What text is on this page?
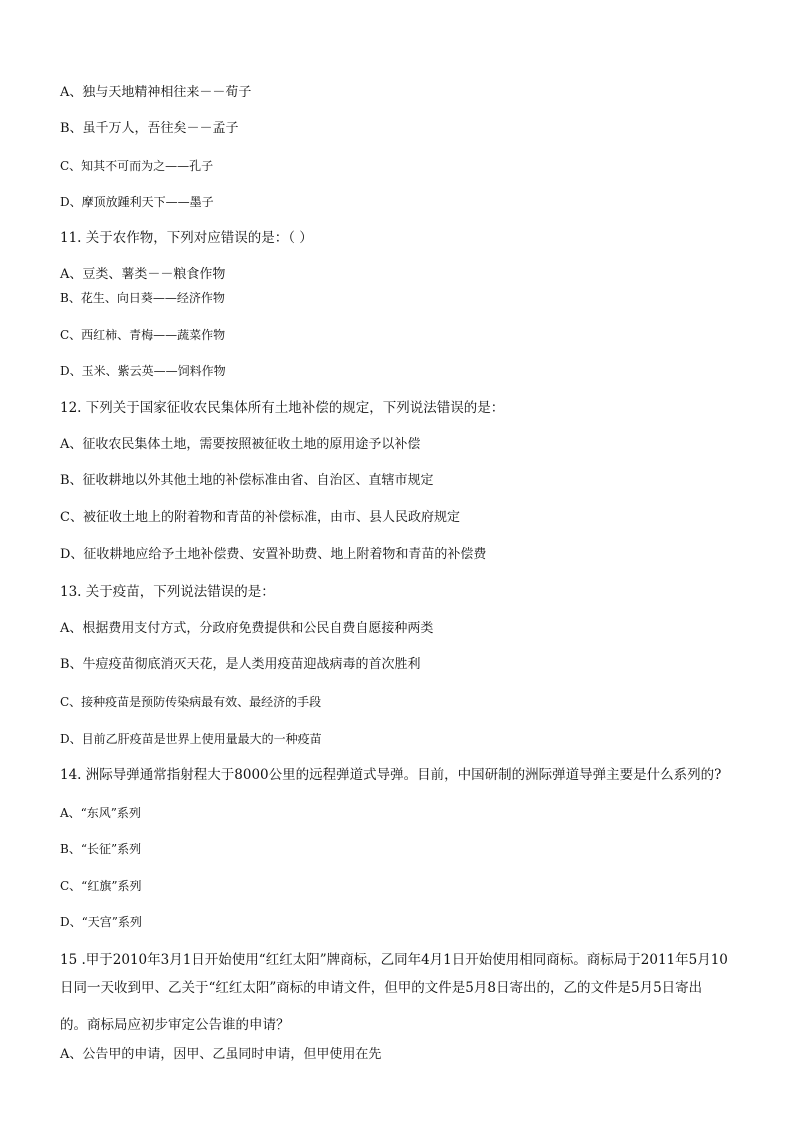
A、独与天地精神相往来－－荀子
B、虽千万人，吾往矣－－孟子
C、知其不可而为之——孔子
D、摩顶放踵利天下——墨子
11. 关于农作物，下列对应错误的是：（ ）
A、豆类、薯类－－粮食作物
B、花生、向日葵——经济作物
C、西红柿、青梅——蔬菜作物
D、玉米、紫云英——饲料作物
12. 下列关于国家征收农民集体所有土地补偿的规定，下列说法错误的是：
A、征收农民集体土地，需要按照被征收土地的原用途予以补偿
B、征收耕地以外其他土地的补偿标准由省、自治区、直辖市规定
C、被征收土地上的附着物和青苗的补偿标准，由市、县人民政府规定
D、征收耕地应给予土地补偿费、安置补助费、地上附着物和青苗的补偿费
13. 关于疫苗，下列说法错误的是：
A、根据费用支付方式，分政府免费提供和公民自费自愿接种两类
B、牛痘疫苗彻底消灭天花，是人类用疫苗迎战病毒的首次胜利
C、接种疫苗是预防传染病最有效、最经济的手段
D、目前乙肝疫苗是世界上使用量最大的一种疫苗
14. 洲际导弹通常指射程大于8000公里的远程弹道式导弹。目前，中国研制的洲际弹道导弹主要是什么系列的?
A、“东风”系列
B、“长征”系列
C、“红旗”系列
D、“天宫”系列
15 .甲于2010年3月1日开始使用“红红太阳”牌商标，乙同年4月1日开始使用相同商标。商标局于2011年5月10
日同一天收到甲、乙关于“红红太阳”商标的申请文件，但甲的文件是5月8日寄出的，乙的文件是5月5日寄出
的。商标局应初步审定公告谁的申请？
A、公告甲的申请，因甲、乙虽同时申请，但甲使用在先
